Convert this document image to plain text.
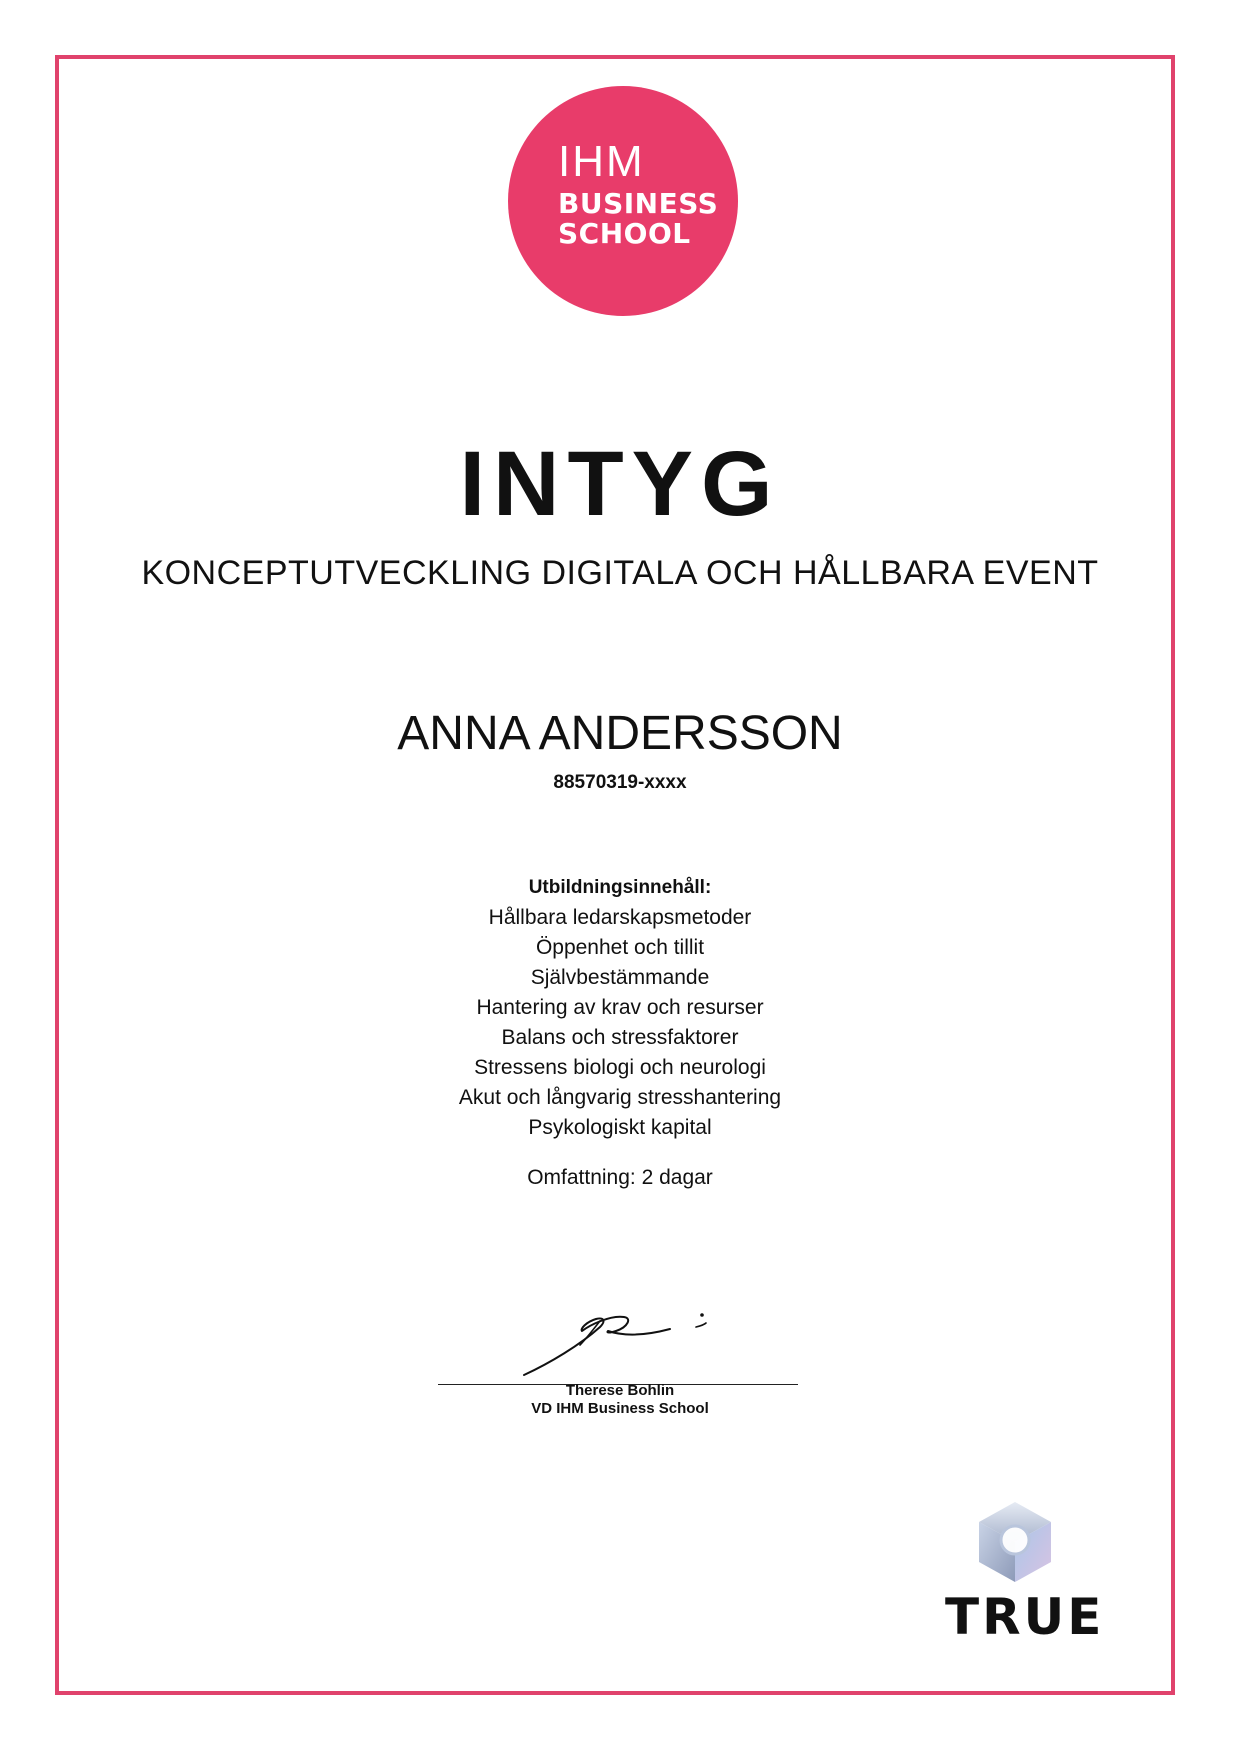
IHM
BUSINESS
SCHOOL
INTYG
KONCEPTUTVECKLING DIGITALA OCH HÅLLBARA EVENT
ANNA ANDERSSON
88570319-xxxx
Utbildningsinnehåll:
Hållbara ledarskapsmetoder
Öppenhet och tillit
Självbestämmande
Hantering av krav och resurser
Balans och stressfaktorer
Stressens biologi och neurologi
Akut och långvarig stresshantering
Psykologiskt kapital
Omfattning: 2 dagar
Therese Bohlin
VD IHM Business School
TRUE
